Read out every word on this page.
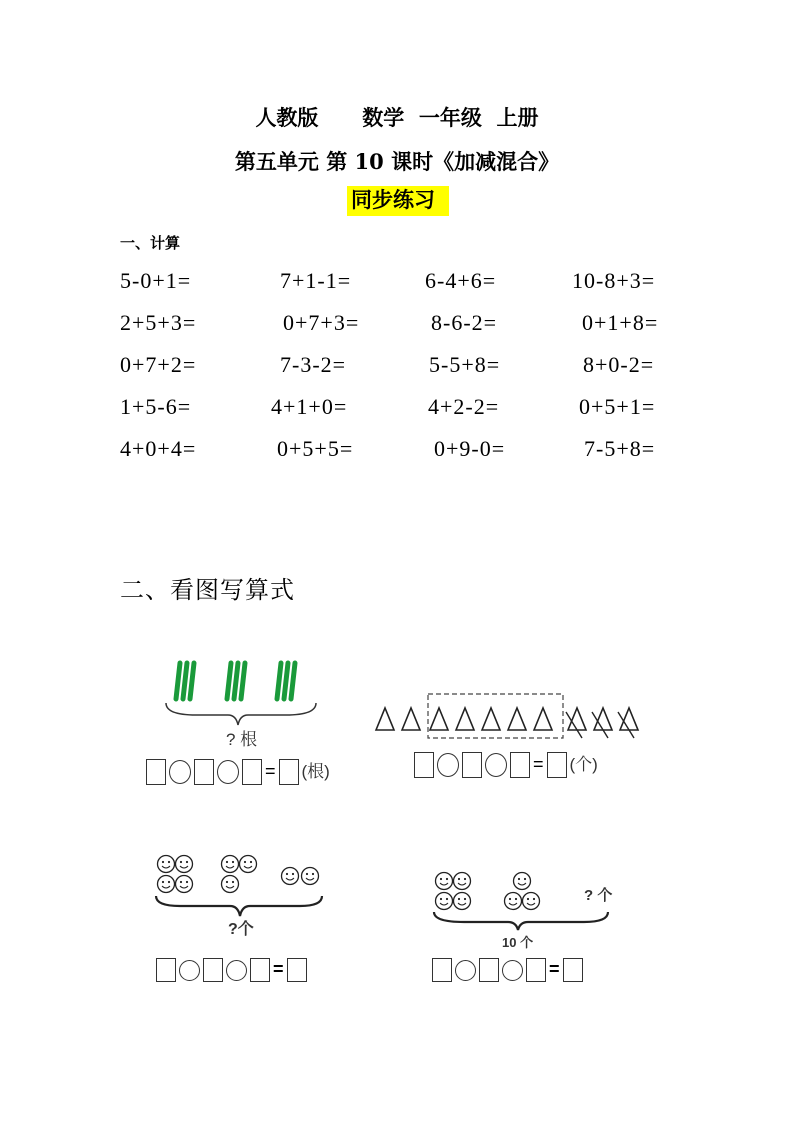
人教版      数学  一年级  上册
第五单元 第 10 课时《加减混合》
同步练习
一、计算
5-0+1=	7+1-1=	6-4+6=	10-8+3=
2+5+3=	0+7+3=	8-6-2=	0+1+8=
0+7+2=	7-3-2=	5-5+8=	8+0-2=
1+5-6=	4+1+0=	4+2-2=	0+5+1=
4+0+4=	0+5+5=	0+9-0=	7-5+8=
二、看图写算式
? 根
= (根)	= (个)
?个
=
? 个
10 个
=
